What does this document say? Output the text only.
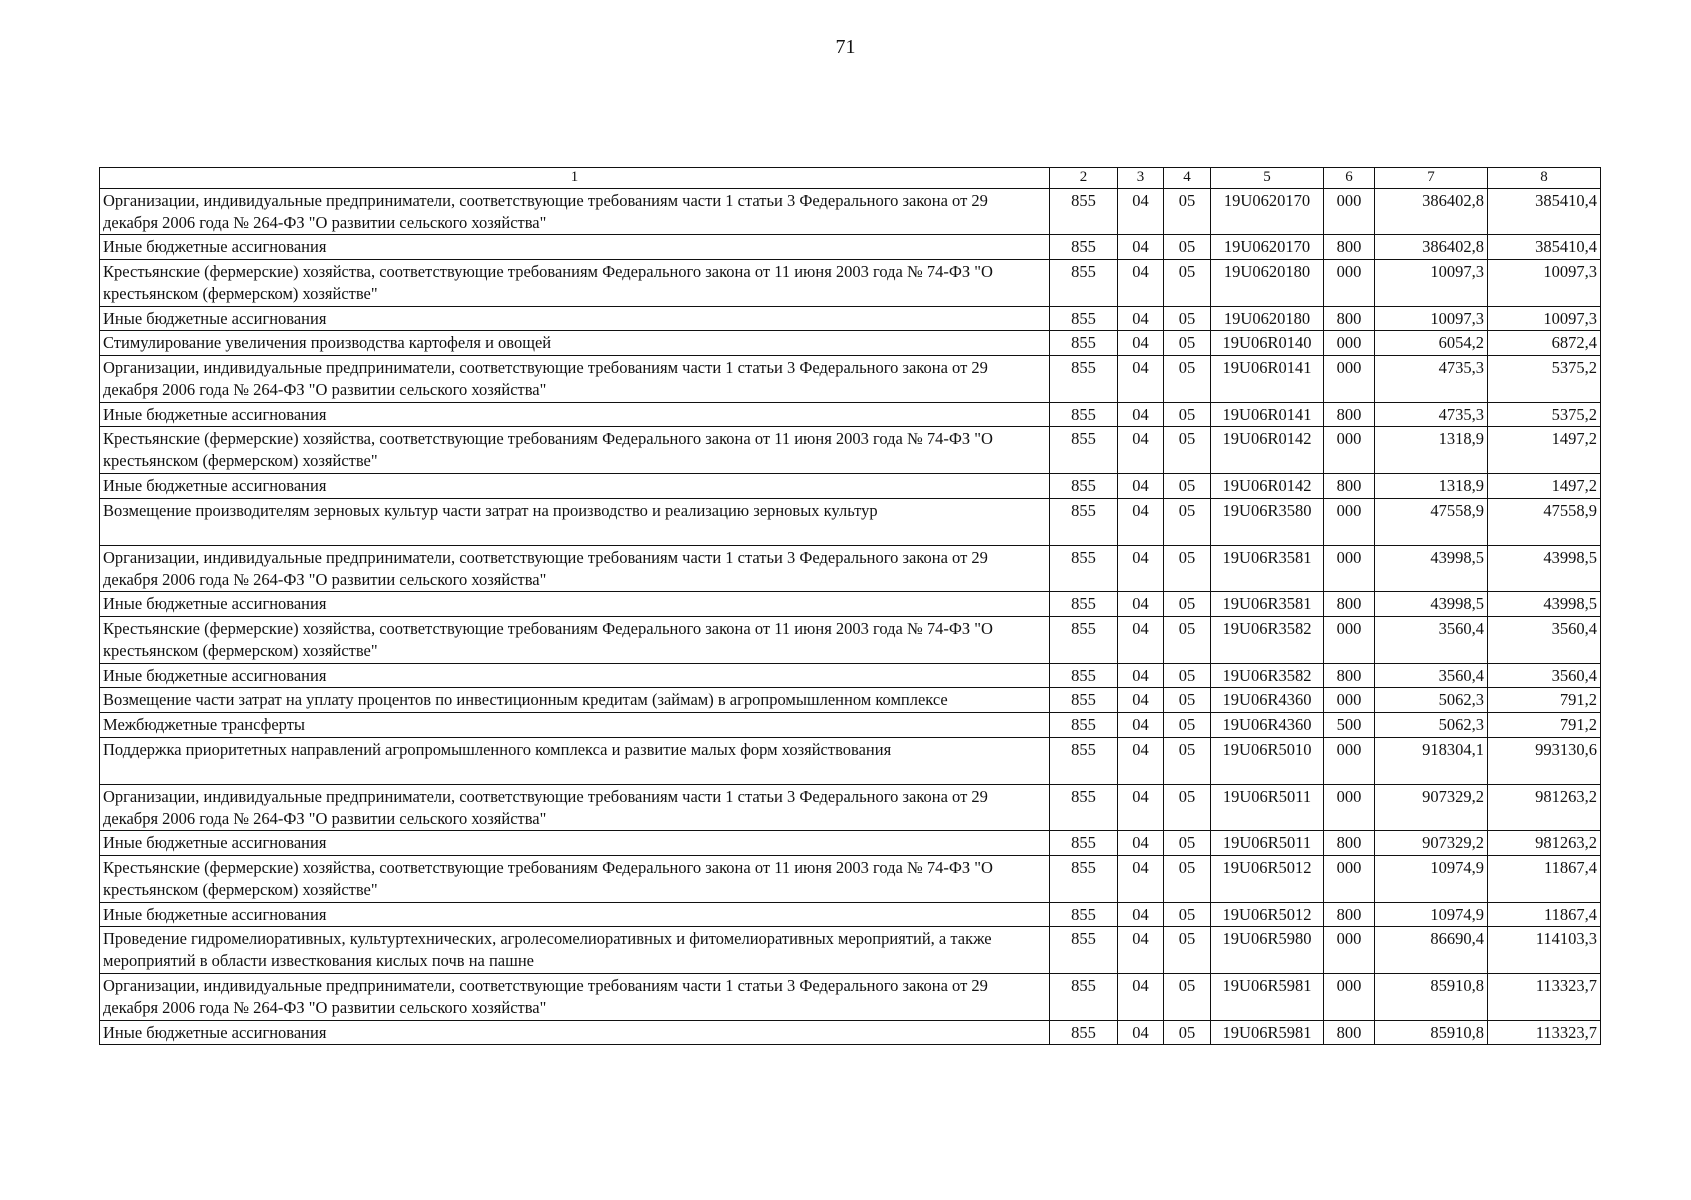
71
1	2	3	4	5	6	7	8
Организации, индивидуальные предприниматели, соответствующие требованиям части 1 статьи 3 Федерального закона от 29 декабря 2006 года № 264-ФЗ "О развитии сельского хозяйства"	855	04	05	19U0620170	000	386402,8	385410,4
Иные бюджетные ассигнования	855	04	05	19U0620170	800	386402,8	385410,4
Крестьянские (фермерские) хозяйства, соответствующие требованиям Федерального закона от 11 июня 2003 года № 74-ФЗ "О крестьянском (фермерском) хозяйстве"	855	04	05	19U0620180	000	10097,3	10097,3
Иные бюджетные ассигнования	855	04	05	19U0620180	800	10097,3	10097,3
Стимулирование увеличения производства картофеля и овощей	855	04	05	19U06R0140	000	6054,2	6872,4
Организации, индивидуальные предприниматели, соответствующие требованиям части 1 статьи 3 Федерального закона от 29 декабря 2006 года № 264-ФЗ "О развитии сельского хозяйства"	855	04	05	19U06R0141	000	4735,3	5375,2
Иные бюджетные ассигнования	855	04	05	19U06R0141	800	4735,3	5375,2
Крестьянские (фермерские) хозяйства, соответствующие требованиям Федерального закона от 11 июня 2003 года № 74-ФЗ "О крестьянском (фермерском) хозяйстве"	855	04	05	19U06R0142	000	1318,9	1497,2
Иные бюджетные ассигнования	855	04	05	19U06R0142	800	1318,9	1497,2
Возмещение производителям зерновых культур части затрат на производство и реализацию зерновых культур	855	04	05	19U06R3580	000	47558,9	47558,9
Организации, индивидуальные предприниматели, соответствующие требованиям части 1 статьи 3 Федерального закона от 29 декабря 2006 года № 264-ФЗ "О развитии сельского хозяйства"	855	04	05	19U06R3581	000	43998,5	43998,5
Иные бюджетные ассигнования	855	04	05	19U06R3581	800	43998,5	43998,5
Крестьянские (фермерские) хозяйства, соответствующие требованиям Федерального закона от 11 июня 2003 года № 74-ФЗ "О крестьянском (фермерском) хозяйстве"	855	04	05	19U06R3582	000	3560,4	3560,4
Иные бюджетные ассигнования	855	04	05	19U06R3582	800	3560,4	3560,4
Возмещение части затрат на уплату процентов по инвестиционным кредитам (займам) в агропромышленном комплексе	855	04	05	19U06R4360	000	5062,3	791,2
Межбюджетные трансферты	855	04	05	19U06R4360	500	5062,3	791,2
Поддержка приоритетных направлений агропромышленного комплекса и развитие малых форм хозяйствования	855	04	05	19U06R5010	000	918304,1	993130,6
Организации, индивидуальные предприниматели, соответствующие требованиям части 1 статьи 3 Федерального закона от 29 декабря 2006 года № 264-ФЗ "О развитии сельского хозяйства"	855	04	05	19U06R5011	000	907329,2	981263,2
Иные бюджетные ассигнования	855	04	05	19U06R5011	800	907329,2	981263,2
Крестьянские (фермерские) хозяйства, соответствующие требованиям Федерального закона от 11 июня 2003 года № 74-ФЗ "О крестьянском (фермерском) хозяйстве"	855	04	05	19U06R5012	000	10974,9	11867,4
Иные бюджетные ассигнования	855	04	05	19U06R5012	800	10974,9	11867,4
Проведение гидромелиоративных, культуртехнических, агролесомелиоративных и фитомелиоративных мероприятий, а также мероприятий в области известкования кислых почв на пашне	855	04	05	19U06R5980	000	86690,4	114103,3
Организации, индивидуальные предприниматели, соответствующие требованиям части 1 статьи 3 Федерального закона от 29 декабря 2006 года № 264-ФЗ "О развитии сельского хозяйства"	855	04	05	19U06R5981	000	85910,8	113323,7
Иные бюджетные ассигнования	855	04	05	19U06R5981	800	85910,8	113323,7
